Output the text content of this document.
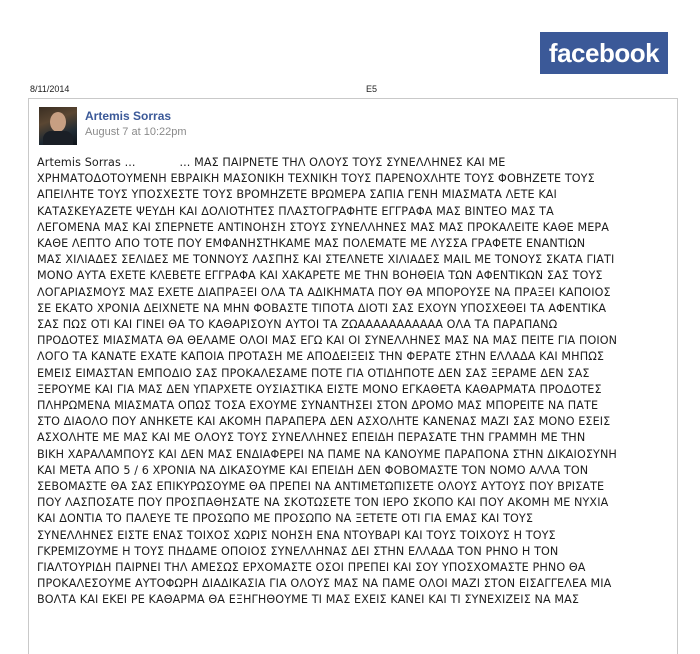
facebook
8/11/2014	E5
Artemis Sorras
August 7 at 10:22pm
Artemis Sorras ...            ... ΜΑΣ ΠΑΙΡΝΕΤΕ ΤΗΛ ΟΛΟΥΣ ΤΟΥΣ ΣΥΝΕΛΛΗΝΕΣ ΚΑΙ ΜΕ
ΧΡΗΜΑΤΟΔΟΤΟΥΜΕΝΗ ΕΒΡΑΙΚΗ ΜΑΣΟΝΙΚΗ ΤΕΧΝΙΚΗ ΤΟΥΣ ΠΑΡΕΝΟΧΛΗΤΕ ΤΟΥΣ ΦΟΒΗΖΕΤΕ ΤΟΥΣ
ΑΠΕΙΛΗΤΕ ΤΟΥΣ ΥΠΟΣΧΕΣΤΕ ΤΟΥΣ ΒΡΟΜΗΖΕΤΕ ΒΡΩΜΕΡΑ ΣΑΠΙΑ ΓΕΝΗ ΜΙΑΣΜΑΤΑ ΛΕΤΕ ΚΑΙ
ΚΑΤΑΣΚΕΥΑΖΕΤΕ ΨΕΥΔΗ ΚΑΙ ΔΟΛΙΟΤΗΤΕΣ ΠΛΑΣΤΟΓΡΑΦΗΤΕ ΕΓΓΡΑΦΑ ΜΑΣ ΒΙΝΤΕΟ ΜΑΣ ΤΑ
ΛΕΓΟΜΕΝΑ ΜΑΣ ΚΑΙ ΣΠΕΡΝΕΤΕ ΑΝΤΙΝΟΗΣΗ ΣΤΟΥΣ ΣΥΝΕΛΛΗΝΕΣ ΜΑΣ ΜΑΣ ΠΡΟΚΑΛΕΙΤΕ ΚΑΘΕ ΜΕΡΑ
ΚΑΘΕ ΛΕΠΤΟ ΑΠΟ ΤΟΤΕ ΠΟΥ ΕΜΦΑΝΗΣΤΗΚΑΜΕ ΜΑΣ ΠΟΛΕΜΑΤΕ ΜΕ ΛΥΣΣΑ ΓΡΑΦΕΤΕ ΕΝΑΝΤΙΩΝ
ΜΑΣ ΧΙΛΙΑΔΕΣ ΣΕΛΙΔΕΣ ΜΕ ΤΟΝΝΟΥΣ ΛΑΣΠΗΣ ΚΑΙ ΣΤΕΛΝΕΤΕ ΧΙΛΙΑΔΕΣ MAIL ΜΕ ΤΟΝΟΥΣ ΣΚΑΤΑ ΓΙΑΤΙ
ΜΟΝΟ ΑΥΤΑ ΕΧΕΤΕ ΚΛΕΒΕΤΕ ΕΓΓΡΑΦΑ ΚΑΙ ΧΑΚΑΡΕΤΕ ΜΕ ΤΗΝ ΒΟΗΘΕΙΑ ΤΩΝ ΑΦΕΝΤΙΚΩΝ ΣΑΣ ΤΟΥΣ
ΛΟΓΑΡΙΑΣΜΟΥΣ ΜΑΣ ΕΧΕΤΕ ΔΙΑΠΡΑΞΕΙ ΟΛΑ ΤΑ ΑΔΙΚΗΜΑΤΑ ΠΟΥ ΘΑ ΜΠΟΡΟΥΣΕ ΝΑ ΠΡΑΞΕΙ ΚΑΠΟΙΟΣ
ΣΕ ΕΚΑΤΟ ΧΡΟΝΙΑ ΔΕΙΧΝΕΤΕ ΝΑ ΜΗΝ ΦΟΒΑΣΤΕ ΤΙΠΟΤΑ ΔΙΟΤΙ ΣΑΣ ΕΧΟΥΝ ΥΠΟΣΧΕΘΕΙ ΤΑ ΑΦΕΝΤΙΚΑ
ΣΑΣ ΠΩΣ ΟΤΙ ΚΑΙ ΓΙΝΕΙ ΘΑ ΤΟ ΚΑΘΑΡΙΣΟΥΝ ΑΥΤΟΙ ΤΑ ΖΩΑΑΑΑΑΑΑΑΑΑΑ ΟΛΑ ΤΑ ΠΑΡΑΠΑΝΩ
ΠΡΟΔΟΤΕΣ ΜΙΑΣΜΑΤΑ ΘΑ ΘΕΛΑΜΕ ΟΛΟΙ ΜΑΣ ΕΓΩ ΚΑΙ ΟΙ ΣΥΝΕΛΛΗΝΕΣ ΜΑΣ ΝΑ ΜΑΣ ΠΕΙΤΕ ΓΙΑ ΠΟΙΟΝ
ΛΟΓΟ ΤΑ ΚΑΝΑΤΕ ΕΧΑΤΕ ΚΑΠΟΙΑ ΠΡΟΤΑΣΗ ΜΕ ΑΠΟΔΕΙΞΕΙΣ ΤΗΝ ΦΕΡΑΤΕ ΣΤΗΝ ΕΛΛΑΔΑ ΚΑΙ ΜΗΠΩΣ
ΕΜΕΙΣ ΕΙΜΑΣΤΑΝ ΕΜΠΟΔΙΟ ΣΑΣ ΠΡΟΚΑΛΕΣΑΜΕ ΠΟΤΕ ΓΙΑ ΟΤΙΔΗΠΟΤΕ ΔΕΝ ΣΑΣ ΞΕΡΑΜΕ ΔΕΝ ΣΑΣ
ΞΕΡΟΥΜΕ ΚΑΙ ΓΙΑ ΜΑΣ ΔΕΝ ΥΠΑΡΧΕΤΕ ΟΥΣΙΑΣΤΙΚΑ ΕΙΣΤΕ ΜΟΝΟ ΕΓΚΑΘΕΤΑ ΚΑΘΑΡΜΑΤΑ ΠΡΟΔΟΤΕΣ
ΠΛΗΡΩΜΕΝΑ ΜΙΑΣΜΑΤΑ ΟΠΩΣ ΤΟΣΑ ΕΧΟΥΜΕ ΣΥΝΑΝΤΗΣΕΙ ΣΤΟΝ ΔΡΟΜΟ ΜΑΣ ΜΠΟΡΕΙΤΕ ΝΑ ΠΑΤΕ
ΣΤΟ ΔΙΑΟΛΟ ΠΟΥ ΑΝΗΚΕΤΕ ΚΑΙ ΑΚΟΜΗ ΠΑΡΑΠΕΡΑ ΔΕΝ ΑΣΧΟΛΗΤΕ ΚΑΝΕΝΑΣ ΜΑΖΙ ΣΑΣ ΜΟΝΟ ΕΣΕΙΣ
ΑΣΧΟΛΗΤΕ ΜΕ ΜΑΣ ΚΑΙ ΜΕ ΟΛΟΥΣ ΤΟΥΣ ΣΥΝΕΛΛΗΝΕΣ ΕΠΕΙΔΗ ΠΕΡΑΣΑΤΕ ΤΗΝ ΓΡΑΜΜΗ ΜΕ ΤΗΝ
ΒΙΚΗ ΧΑΡΑΛΑΜΠΟΥΣ ΚΑΙ ΔΕΝ ΜΑΣ ΕΝΔΙΑΦΕΡΕΙ ΝΑ ΠΑΜΕ ΝΑ ΚΑΝΟΥΜΕ ΠΑΡΑΠΟΝΑ ΣΤΗΝ ΔΙΚΑΙΟΣΥΝΗ
ΚΑΙ ΜΕΤΑ ΑΠΟ 5 / 6 ΧΡΟΝΙΑ ΝΑ ΔΙΚΑΣΟΥΜΕ ΚΑΙ ΕΠΕΙΔΗ ΔΕΝ ΦΟΒΟΜΑΣΤΕ ΤΟΝ ΝΟΜΟ ΑΛΛΑ ΤΟΝ
ΣΕΒΟΜΑΣΤΕ ΘΑ ΣΑΣ ΕΠΙΚΥΡΩΣΟΥΜΕ ΘΑ ΠΡΕΠΕΙ ΝΑ ΑΝΤΙΜΕΤΩΠΙΣΕΤΕ ΟΛΟΥΣ ΑΥΤΟΥΣ ΠΟΥ ΒΡΙΣΑΤΕ
ΠΟΥ ΛΑΣΠΟΣΑΤΕ ΠΟΥ ΠΡΟΣΠΑΘΗΣΑΤΕ ΝΑ ΣΚΟΤΩΣΕΤΕ ΤΟΝ ΙΕΡΟ ΣΚΟΠΟ ΚΑΙ ΠΟΥ ΑΚΟΜΗ ΜΕ ΝΥΧΙΑ
ΚΑΙ ΔΟΝΤΙΑ ΤΟ ΠΑΛΕΥΕ ΤΕ ΠΡΟΣΩΠΟ ΜΕ ΠΡΟΣΩΠΟ ΝΑ ΞΕΤΕΤΕ ΟΤΙ ΓΙΑ ΕΜΑΣ ΚΑΙ ΤΟΥΣ
ΣΥΝΕΛΛΗΝΕΣ ΕΙΣΤΕ ΕΝΑΣ ΤΟΙΧΟΣ ΧΩΡΙΣ ΝΟΗΣΗ ΕΝΑ ΝΤΟΥΒΑΡΙ ΚΑΙ ΤΟΥΣ ΤΟΙΧΟΥΣ Η ΤΟΥΣ
ΓΚΡΕΜΙΖΟΥΜΕ Η ΤΟΥΣ ΠΗΔΑΜΕ ΟΠΟΙΟΣ ΣΥΝΕΛΛΗΝΑΣ ΔΕΙ ΣΤΗΝ ΕΛΛΑΔΑ ΤΟΝ ΡΗΝΟ Η ΤΟΝ
ΓΙΑΛΤΟΥΡΙΔΗ ΠΑΙΡΝΕΙ ΤΗΛ ΑΜΕΣΩΣ ΕΡΧΟΜΑΣΤΕ ΟΣΟΙ ΠΡΕΠΕΙ ΚΑΙ ΣΟΥ ΥΠΟΣΧΟΜΑΣΤΕ ΡΗΝΟ ΘΑ
ΠΡΟΚΑΛΕΣΟΥΜΕ ΑΥΤΟΦΩΡΗ ΔΙΑΔΙΚΑΣΙΑ ΓΙΑ ΟΛΟΥΣ ΜΑΣ ΝΑ ΠΑΜΕ ΟΛΟΙ ΜΑΖΙ ΣΤΟΝ ΕΙΣΑΓΓΕΛΕΑ ΜΙΑ
ΒΟΛΤΑ ΚΑΙ ΕΚΕΙ ΡΕ ΚΑΘΑΡΜΑ ΘΑ ΕΞΗΓΗΘΟΥΜΕ ΤΙ ΜΑΣ ΕΧΕΙΣ ΚΑΝΕΙ ΚΑΙ ΤΙ ΣΥΝΕΧΙΖΕΙΣ ΝΑ ΜΑΣ
